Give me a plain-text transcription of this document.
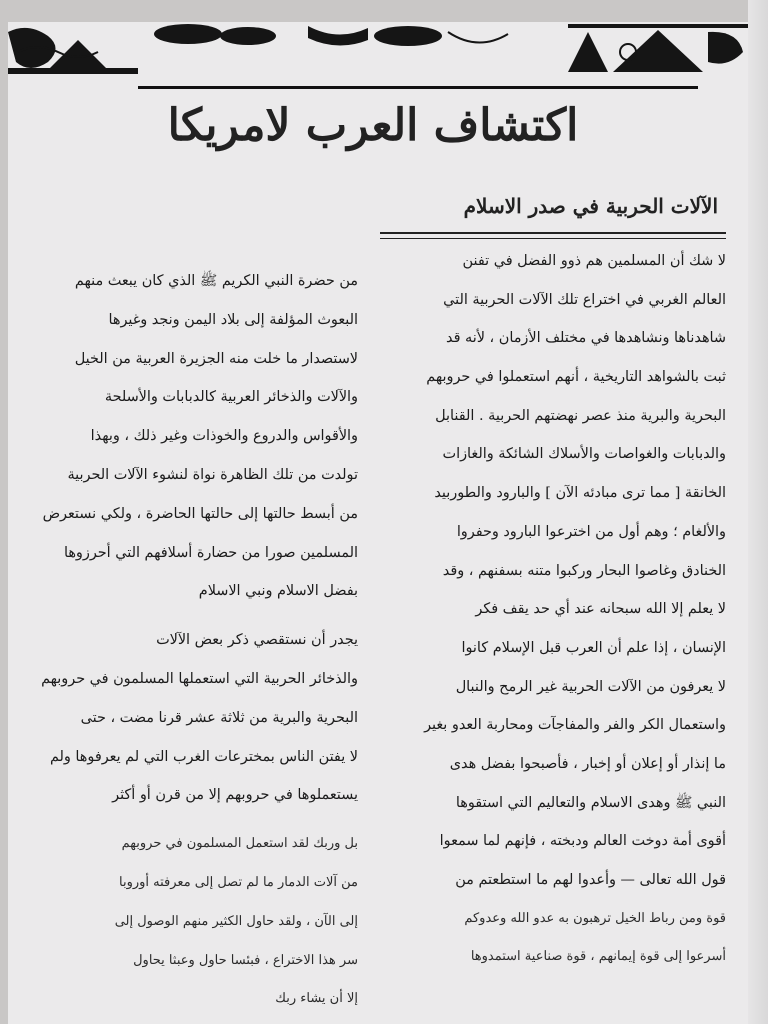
اكتشاف العرب لامريكا
الآلات الحربية في صدر الاسلام
لا شك أن المسلمين هم ذوو الفضل في تفنن
العالم الغربي في اختراع تلك الآلات الحربية التي
شاهدناها ونشاهدها في مختلف الأزمان ، لأنه قد
ثبت بالشواهد التاريخية ، أنهم استعملوا في حروبهم
البحرية والبرية منذ عصر نهضتهم الحربية . القنابل
والدبابات والغواصات والأسلاك الشائكة والغازات
الخانقة [ مما ترى مبادئه الآن ] والبارود والطوربيد
والألغام ؛ وهم أول من اخترعوا البارود وحفروا
الخنادق وغاصوا البحار وركبوا متنه بسفنهم ، وقد
لا يعلم إلا الله سبحانه عند أي حد يقف فكر
الإنسان ، إذا علم أن العرب قبل الإسلام كانوا
لا يعرفون من الآلات الحربية غير الرمح والنبال
واستعمال الكر والفر والمفاجآت ومحاربة العدو بغير
ما إنذار أو إعلان أو إخبار ، فأصبحوا بفضل هدى
النبي ﷺ وهدى الاسلام والتعاليم التي استقوها
أقوى أمة دوخت العالم ودبخته ، فإنهم لما سمعوا
قول الله تعالى — وأعدوا لهم ما استطعتم من
قوة ومن رباط الخيل ترهبون به عدو الله وعدوكم
أسرعوا إلى قوة إيمانهم ، قوة صناعية استمدوها
من حضرة النبي الكريم ﷺ الذي كان يبعث منهم
البعوث المؤلفة إلى بلاد اليمن ونجد وغيرها
لاستصدار ما خلت منه الجزيرة العربية من الخيل
والآلات والذخائر العربية كالدبابات والأسلحة
والأقواس والدروع والخوذات وغير ذلك ، وبهذا
تولدت من تلك الظاهرة نواة لنشوء الآلات الحربية
من أبسط حالتها إلى حالتها الحاضرة ، ولكي نستعرض
المسلمين صورا من حضارة أسلافهم التي أحرزوها
بفضل الاسلام ونبي الاسلام
يجدر أن نستقصي ذكر بعض الآلات
والذخائر الحربية التي استعملها المسلمون في حروبهم
البحرية والبرية من ثلاثة عشر قرنا مضت ، حتى
لا يفتن الناس بمخترعات الغرب التي لم يعرفوها ولم
يستعملوها في حروبهم إلا من قرن أو أكثر
بل وربك لقد استعمل المسلمون في حروبهم
من آلات الدمار ما لم تصل إلى معرفته أوروبا
إلى الآن ، ولقد حاول الكثير منهم الوصول إلى
سر هذا الاختراع ، فبئسا حاول وعبثا يحاول
إلا أن يشاء ربك
